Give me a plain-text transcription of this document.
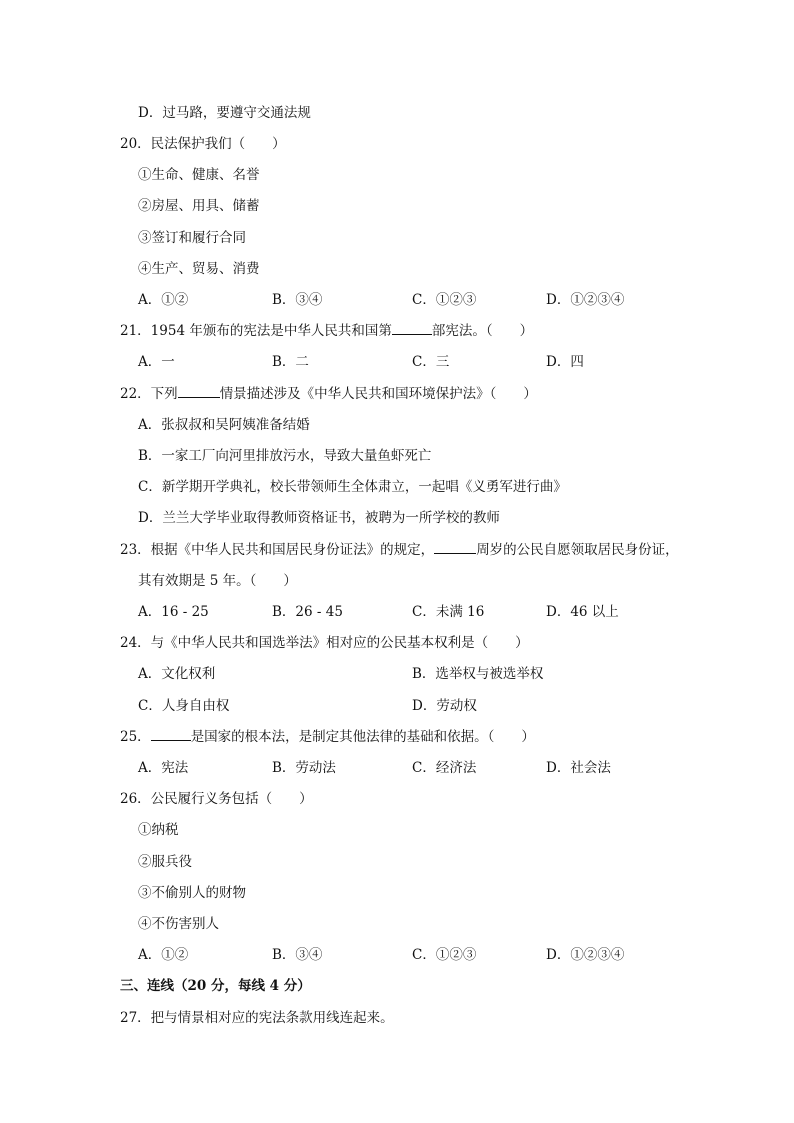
D．过马路，要遵守交通法规
20．民法保护我们（　　）
①生命、健康、名誉
②房屋、用具、储蓄
③签订和履行合同
④生产、贸易、消费
A．①②	B．③④	C．①②③	D．①②③④
21．1954 年颁布的宪法是中华人民共和国第	部宪法。（　　）
A．一	B．二	C．三	D．四
22．下列	情景描述涉及《中华人民共和国环境保护法》（　　）
A．张叔叔和吴阿姨准备结婚
B．一家工厂向河里排放污水，导致大量鱼虾死亡
C．新学期开学典礼，校长带领师生全体肃立，一起唱《义勇军进行曲》
D．兰兰大学毕业取得教师资格证书，被聘为一所学校的教师
23．根据《中华人民共和国居民身份证法》的规定，	周岁的公民自愿领取居民身份证，
其有效期是 5 年。（　　）
A．16 - 25	B．26 - 45	C．未满 16	D．46 以上
24．与《中华人民共和国选举法》相对应的公民基本权利是（　　）
A．文化权利	B．选举权与被选举权
C．人身自由权	D．劳动权
25．	是国家的根本法，是制定其他法律的基础和依据。（　　）
A．宪法	B．劳动法	C．经济法	D．社会法
26．公民履行义务包括（　　）
①纳税
②服兵役
③不偷别人的财物
④不伤害别人
A．①②	B．③④	C．①②③	D．①②③④
三、连线（20 分，每线 4 分）
27．把与情景相对应的宪法条款用线连起来。
